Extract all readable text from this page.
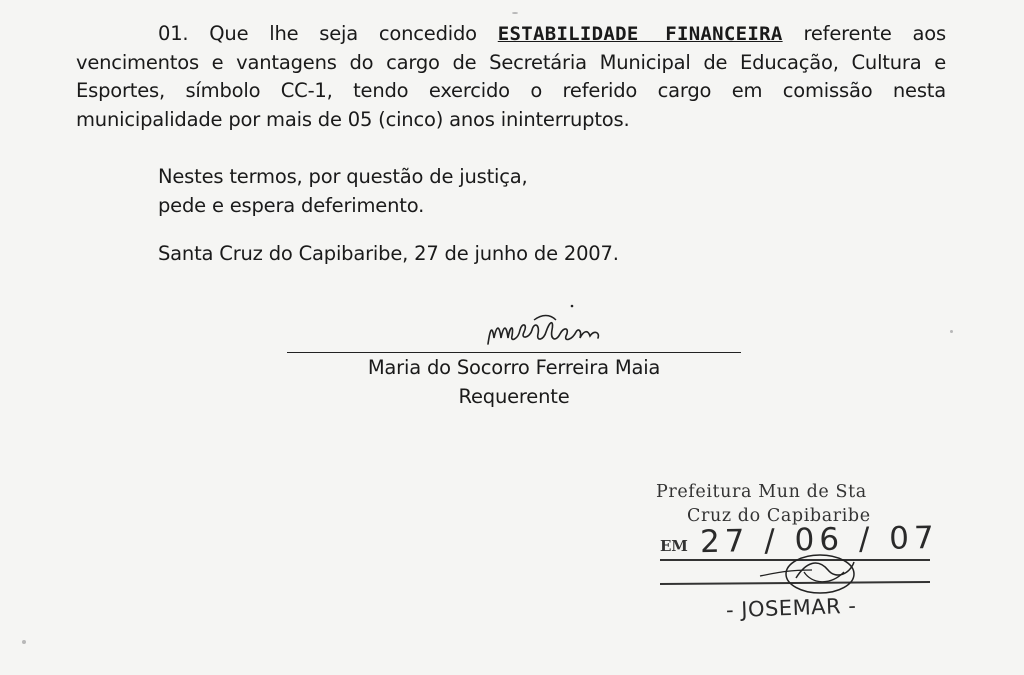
01. Que lhe seja concedido ESTABILIDADE FINANCEIRA referente aos vencimentos e vantagens do cargo de Secretária Municipal de Educação, Cultura e Esportes, símbolo CC-1, tendo exercido o referido cargo em comissão nesta municipalidade por mais de 05 (cinco) anos ininterruptos.
Nestes termos, por questão de justiça,
pede e espera deferimento.
Santa Cruz do Capibaribe, 27 de junho de 2007.
Maria do Socorro Ferreira Maia
Requerente
Prefeitura Mun de Sta
Cruz do Capibaribe
EM 27 / 06 / 07
- JOSEMAR -
